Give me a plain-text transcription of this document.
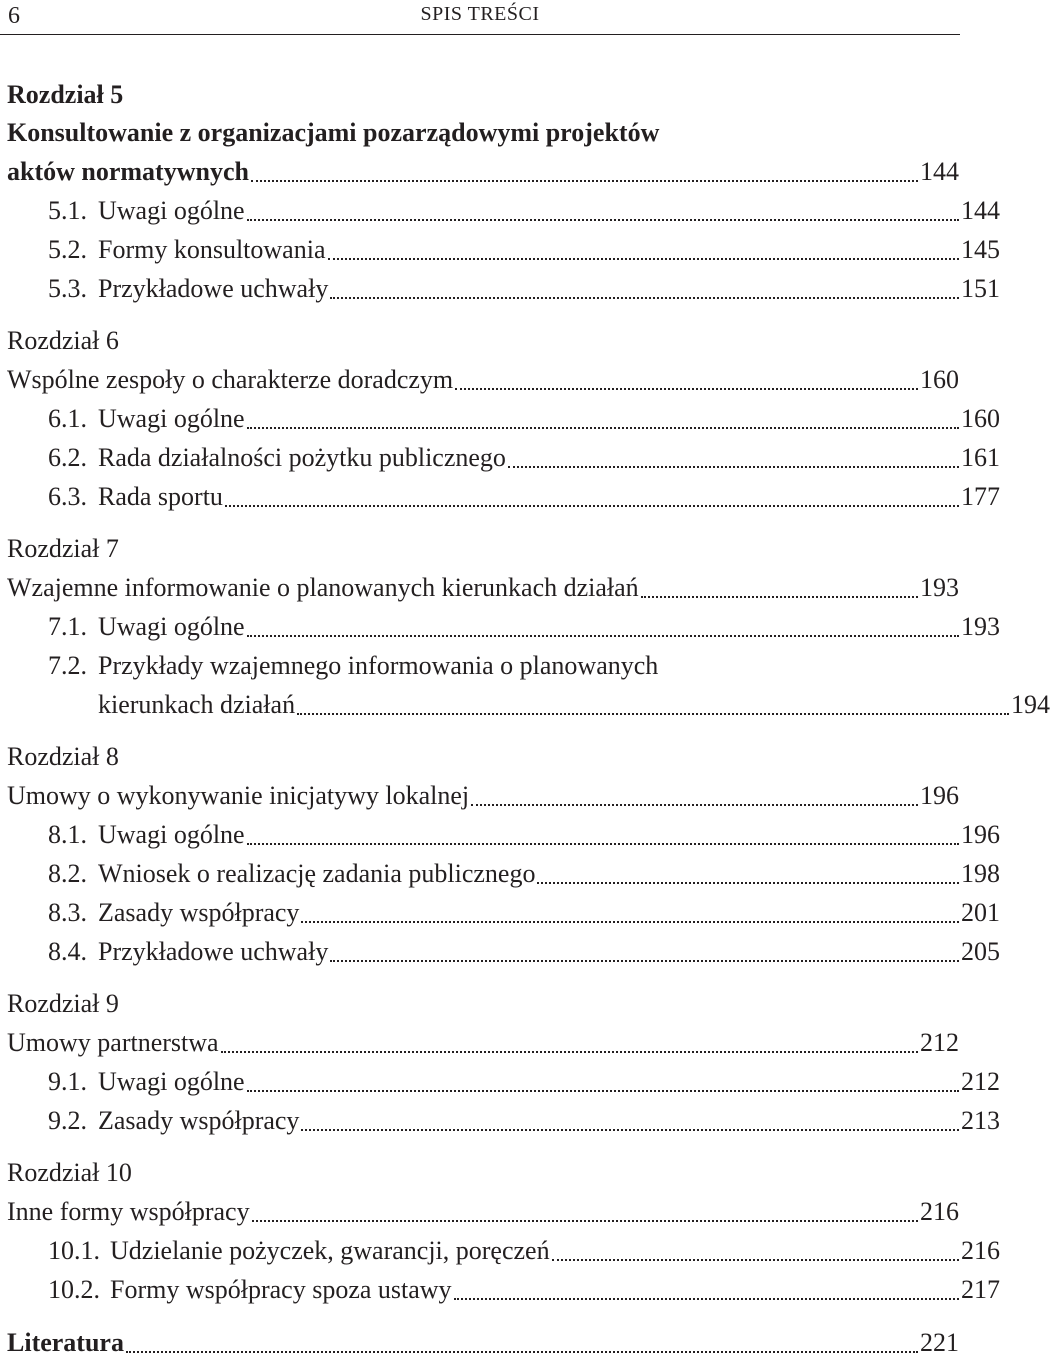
6	SPIS TREŚCI
Rozdział 5
Konsultowanie z organizacjami pozarządowymi projektów
aktów normatywnych	144
5.1. Uwagi ogólne	144
5.2. Formy konsultowania	145
5.3. Przykładowe uchwały	151
Rozdział 6
Wspólne zespoły o charakterze doradczym	160
6.1. Uwagi ogólne	160
6.2. Rada działalności pożytku publicznego	161
6.3. Rada sportu	177
Rozdział 7
Wzajemne informowanie o planowanych kierunkach działań	193
7.1. Uwagi ogólne	193
7.2. Przykłady wzajemnego informowania o planowanych
kierunkach działań	194
Rozdział 8
Umowy o wykonywanie inicjatywy lokalnej	196
8.1. Uwagi ogólne	196
8.2. Wniosek o realizację zadania publicznego	198
8.3. Zasady współpracy	201
8.4. Przykładowe uchwały	205
Rozdział 9
Umowy partnerstwa	212
9.1. Uwagi ogólne	212
9.2. Zasady współpracy	213
Rozdział 10
Inne formy współpracy	216
10.1. Udzielanie pożyczek, gwarancji, poręczeń	216
10.2. Formy współpracy spoza ustawy	217
Literatura	221
